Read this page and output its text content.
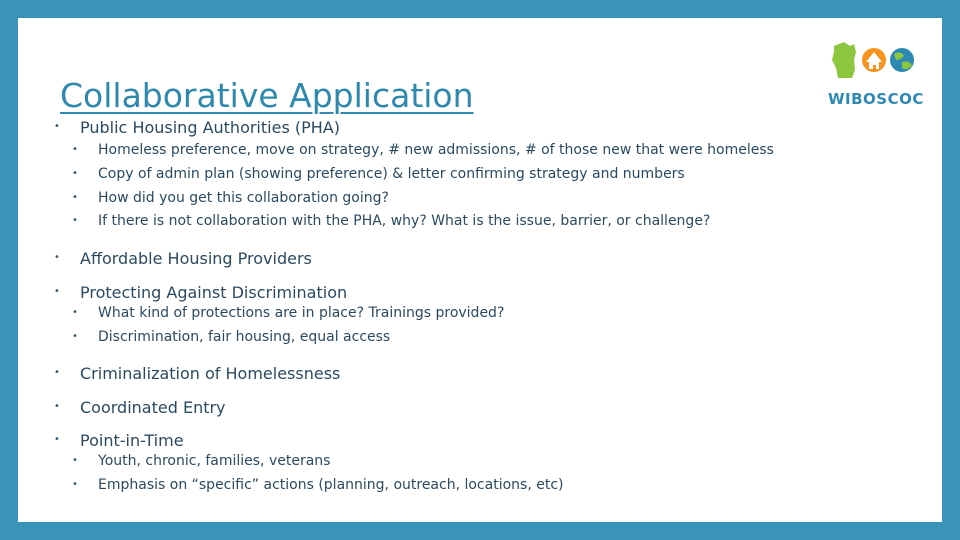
Collaborative Application	WIBOSCOC
• Public Housing Authorities (PHA)
• Homeless preference, move on strategy, # new admissions, # of those new that were homeless
• Copy of admin plan (showing preference) & letter confirming strategy and numbers
• How did you get this collaboration going?
• If there is not collaboration with the PHA, why? What is the issue, barrier, or challenge?
• Affordable Housing Providers
• Protecting Against Discrimination
• What kind of protections are in place? Trainings provided?
• Discrimination, fair housing, equal access
• Criminalization of Homelessness
• Coordinated Entry
• Point-in-Time
• Youth, chronic, families, veterans
• Emphasis on “specific” actions (planning, outreach, locations, etc)
